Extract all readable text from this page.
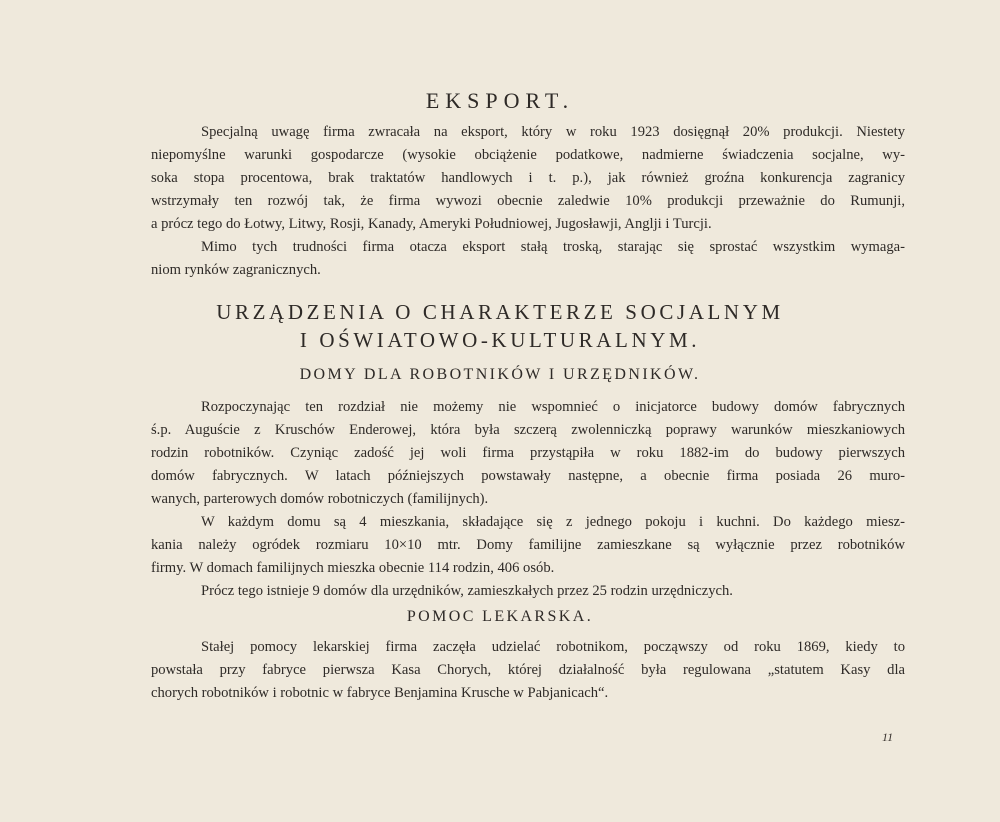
EKSPORT.
Specjalną uwagę firma zwracała na eksport, który w roku 1923 dosięgnął 20% produkcji. Niestety
niepomyślne warunki gospodarcze (wysokie obciążenie podatkowe, nadmierne świadczenia socjalne, wy-
soka stopa procentowa, brak traktatów handlowych i t. p.), jak również groźna konkurencja zagranicy
wstrzymały ten rozwój tak, że firma wywozi obecnie zaledwie 10% produkcji przeważnie do Rumunji,
a prócz tego do Łotwy, Litwy, Rosji, Kanady, Ameryki Południowej, Jugosławji, Anglji i Turcji.
Mimo tych trudności firma otacza eksport stałą troską, starając się sprostać wszystkim wymaga-
niom rynków zagranicznych.
URZĄDZENIA O CHARAKTERZE SOCJALNYM
I OŚWIATOWO-KULTURALNYM.
DOMY DLA ROBOTNIKÓW I URZĘDNIKÓW.
Rozpoczynając ten rozdział nie możemy nie wspomnieć o inicjatorce budowy domów fabrycznych
ś.p. Auguście z Kruschów Enderowej, która była szczerą zwolenniczką poprawy warunków mieszkaniowych
rodzin robotników. Czyniąc zadość jej woli firma przystąpiła w roku 1882-im do budowy pierwszych
domów fabrycznych. W latach późniejszych powstawały następne, a obecnie firma posiada 26 muro-
wanych, parterowych domów robotniczych (familijnych).
W każdym domu są 4 mieszkania, składające się z jednego pokoju i kuchni. Do każdego miesz-
kania należy ogródek rozmiaru 10×10 mtr. Domy familijne zamieszkane są wyłącznie przez robotników
firmy. W domach familijnych mieszka obecnie 114 rodzin, 406 osób.
Prócz tego istnieje 9 domów dla urzędników, zamieszkałych przez 25 rodzin urzędniczych.
POMOC LEKARSKA.
Stałej pomocy lekarskiej firma zaczęła udzielać robotnikom, począwszy od roku 1869, kiedy to
powstała przy fabryce pierwsza Kasa Chorych, której działalność była regulowana „statutem Kasy dla
chorych robotników i robotnic w fabryce Benjamina Krusche w Pabjanicach“.
11
